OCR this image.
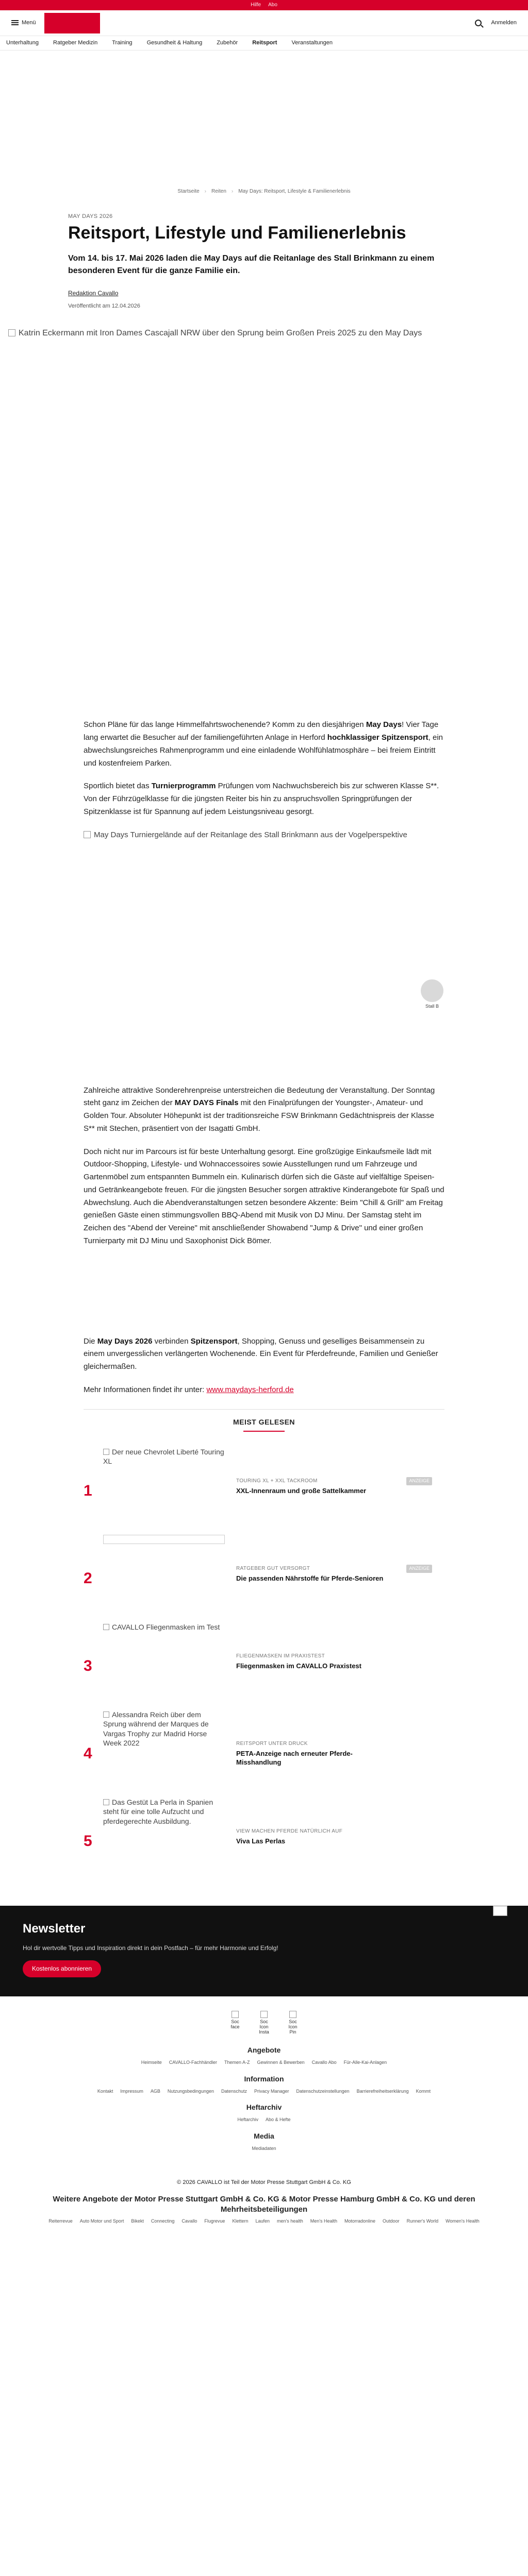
Hilfe Abo
Menü	Anmelden
Unterhaltung	Ratgeber Medizin	Training	Gesundheit & Haltung	Zubehör	Reitsport	Veranstaltungen
Startseite › Reiten › May Days: Reitsport, Lifestyle & Familienerlebnis
MAY DAYS 2026
Reitsport, Lifestyle und Familienerlebnis

Vom 14. bis 17. Mai 2026 laden die May Days auf die Reitanlage des Stall Brinkmann zu einem besonderen Event für die ganze Familie ein.

Redaktion Cavallo
Veröffentlicht am 12.04.2026
Katrin Eckermann mit Iron Dames Cascajall NRW über den Sprung beim Großen Preis 2025 zu den May Days

Schon Pläne für das lange Himmelfahrtswochenende? Komm zu den diesjährigen May Days! Vier Tage lang erwartet die Besucher auf der familiengeführten Anlage in Herford hochklassiger Spitzensport, ein abwechslungsreiches Rahmenprogramm und eine einladende Wohlfühlatmosphäre – bei freiem Eintritt und kostenfreiem Parken.

Sportlich bietet das Turnierprogramm Prüfungen vom Nachwuchsbereich bis zur schweren Klasse S**. Von der Führzügelklasse für die jüngsten Reiter bis hin zu anspruchsvollen Springprüfungen der Spitzenklasse ist für Spannung auf jedem Leistungsniveau gesorgt.

May Days Turniergelände auf der Reitanlage des Stall Brinkmann aus der Vogelperspektive
Stall B

Zahlreiche attraktive Sonderehrenpreise unterstreichen die Bedeutung der Veranstaltung. Der Sonntag steht ganz im Zeichen der MAY DAYS Finals mit den Finalprüfungen der Youngster-, Amateur- und Golden Tour. Absoluter Höhepunkt ist der traditionsreiche FSW Brinkmann Gedächtnispreis der Klasse S** mit Stechen, präsentiert von der Isagatti GmbH.

Doch nicht nur im Parcours ist für beste Unterhaltung gesorgt. Eine großzügige Einkaufsmeile lädt mit Outdoor-Shopping, Lifestyle- und Wohnaccessoires sowie Ausstellungen rund um Fahrzeuge und Gartenmöbel zum entspannten Bummeln ein. Kulinarisch dürfen sich die Gäste auf vielfältige Speisen- und Getränkeangebote freuen. Für die jüngsten Besucher sorgen attraktive Kinderangebote für Spaß und Abwechslung. Auch die Abendveranstaltungen setzen besondere Akzente: Beim "Chill & Grill" am Freitag genießen Gäste einen stimmungsvollen BBQ-Abend mit Musik von DJ Minu. Der Samstag steht im Zeichen des "Abend der Vereine" mit anschließender Showabend "Jump & Drive" und einer großen Turnierparty mit DJ Minu und Saxophonist Dick Bömer.

Die May Days 2026 verbinden Spitzensport, Shopping, Genuss und geselliges Beisammensein zu einem unvergesslichen verlängerten Wochenende. Ein Event für Pferdefreunde, Familien und Genießer gleichermaßen.

Mehr Informationen findet ihr unter: www.maydays-herford.de

MEIST GELESEN
1
Der neue Chevrolet Liberté Touring XL
TOURING XL + XXL TACKROOM
XXL-Innenraum und große Sattelkammer
ANZEIGE
2
RATGEBER GUT VERSORGT
Die passenden Nährstoffe für Pferde-Senioren
ANZEIGE
3
CAVALLO Fliegenmasken im Test
FLIEGENMASKEN IM PRAXISTEST
Fliegenmasken im CAVALLO Praxistest
4
Alessandra Reich über dem Sprung während der Marques de Vargas Trophy zur Madrid Horse Week 2022	REITSPORT UNTER DRUCK
PETA-Anzeige nach erneuter Pferde-Misshandlung
5
Das Gestüt La Perla in Spanien steht für eine tolle Aufzucht und pferdegerechte Ausbildung.
VIEW MACHEN PFERDE NATÜRLICH AUF
Viva Las Perlas
Newsletter
Hol dir wertvolle Tipps und Inspiration direkt in dein Postfach – für mehr Harmonie und Erfolg!
Kostenlos abonnieren
Soc face
Soc Icon Insta
Soc Icon Pin
Angebote
Heimseite CAVALLO-Fachhändler Themen A-Z Gewinnen & Bewerben Cavallo Abo Für-Alle-Kai-Anlagen
Information
Kontakt Impressum AGB Nutzungsbedingungen Datenschutz Privacy Manager Datenschutzeinstellungen Barrierefreiheitserklärung Kommt
Heftarchiv
Heftarchiv Abo & Hefte
Media
Mediadaten
© 2026 CAVALLO ist Teil der Motor Presse Stuttgart GmbH & Co. KG
Weitere Angebote der Motor Presse Stuttgart GmbH & Co. KG & Motor Presse Hamburg GmbH & Co. KG und deren Mehrheitsbeteiligungen
Reiterrevue Auto Motor und Sport Bikekt Connecting Cavallo Flugrevue Klettern Laufen men's health Men's Health Motorradonline Outdoor Runner's World Women's Health
